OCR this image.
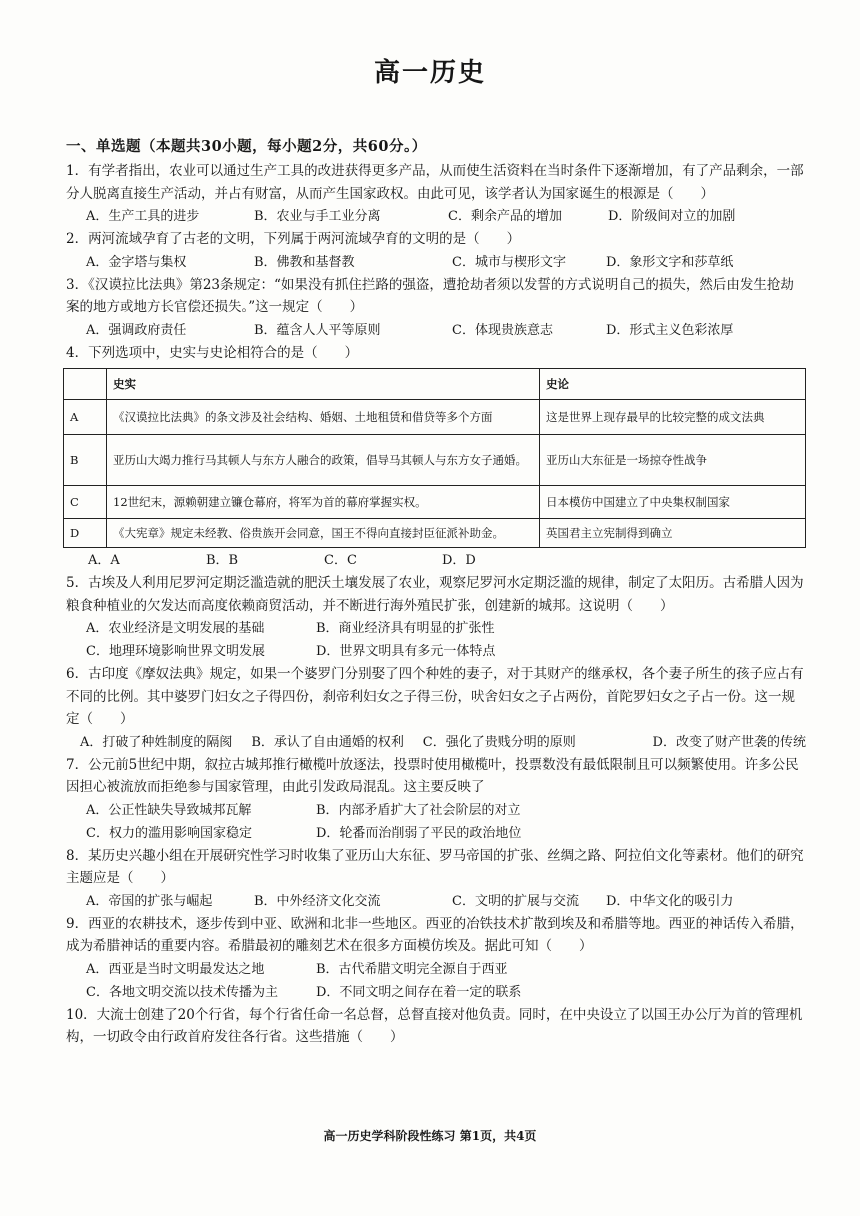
高一历史
一、单选题（本题共30小题，每小题2分，共60分。）

1．有学者指出，农业可以通过生产工具的改进获得更多产品，从而使生活资料在当时条件下逐渐增加，有了产品剩余，一部分人脱离直接生产活动，并占有财富，从而产生国家政权。由此可见，该学者认为国家诞生的根源是（　　）

A．生产工具的进步	B．农业与手工业分离	C．剩余产品的增加	D．阶级间对立的加剧

2．两河流域孕育了古老的文明，下列属于两河流域孕育的文明的是（　　）

A．金字塔与集权	B．佛教和基督教	C．城市与楔形文字	D．象形文字和莎草纸

3．《汉谟拉比法典》第23条规定：“如果没有抓住拦路的强盗，遭抢劫者须以发誓的方式说明自己的损失，然后由发生抢劫案的地方或地方长官偿还损失。”这一规定（　　）

A．强调政府责任	B．蕴含人人平等原则	C．体现贵族意志	D．形式主义色彩浓厚

4．下列选项中，史实与史论相符合的是（　　）

	史实	史论
A	《汉谟拉比法典》的条文涉及社会结构、婚姻、土地租赁和借贷等多个方面	这是世界上现存最早的比较完整的成文法典
B	亚历山大竭力推行马其顿人与东方人融合的政策，倡导马其顿人与东方女子通婚。	亚历山大东征是一场掠夺性战争
C	12世纪末，源赖朝建立镰仓幕府，将军为首的幕府掌握实权。	日本模仿中国建立了中央集权制国家
D	《大宪章》规定未经教、俗贵族开会同意，国王不得向直接封臣征派补助金。	英国君主立宪制得到确立
A．A	B．B	C．C	D．D

5．古埃及人利用尼罗河定期泛滥造就的肥沃土壤发展了农业，观察尼罗河水定期泛滥的规律，制定了太阳历。古希腊人因为粮食种植业的欠发达而高度依赖商贸活动，并不断进行海外殖民扩张，创建新的城邦。这说明（　　）

A．农业经济是文明发展的基础	B．商业经济具有明显的扩张性
C．地理环境影响世界文明发展	D．世界文明具有多元一体特点

6．古印度《摩奴法典》规定，如果一个婆罗门分别娶了四个种姓的妻子，对于其财产的继承权，各个妻子所生的孩子应占有不同的比例。其中婆罗门妇女之子得四份，刹帝利妇女之子得三份，吠舍妇女之子占两份，首陀罗妇女之子占一份。这一规定（　　）

A．打破了种姓制度的隔阂	B．承认了自由通婚的权利	C．强化了贵贱分明的原则	D．改变了财产世袭的传统

7．公元前5世纪中期，叙拉古城邦推行橄榄叶放逐法，投票时使用橄榄叶，投票数没有最低限制且可以频繁使用。许多公民因担心被流放而拒绝参与国家管理，由此引发政局混乱。这主要反映了

A．公正性缺失导致城邦瓦解	B．内部矛盾扩大了社会阶层的对立
C．权力的滥用影响国家稳定	D．轮番而治削弱了平民的政治地位

8．某历史兴趣小组在开展研究性学习时收集了亚历山大东征、罗马帝国的扩张、丝绸之路、阿拉伯文化等素材。他们的研究主题应是（　　）

A．帝国的扩张与崛起	B．中外经济文化交流	C．文明的扩展与交流	D．中华文化的吸引力

9．西亚的农耕技术，逐步传到中亚、欧洲和北非一些地区。西亚的冶铁技术扩散到埃及和希腊等地。西亚的神话传入希腊，成为希腊神话的重要内容。希腊最初的雕刻艺术在很多方面模仿埃及。据此可知（　　）

A．西亚是当时文明最发达之地	B．古代希腊文明完全源自于西亚
C．各地文明交流以技术传播为主	D．不同文明之间存在着一定的联系

10．大流士创建了20个行省，每个行省任命一名总督，总督直接对他负责。同时，在中央设立了以国王办公厅为首的管理机构，一切政令由行政首府发往各行省。这些措施（　　）

高一历史学科阶段性练习 第1页，共4页
